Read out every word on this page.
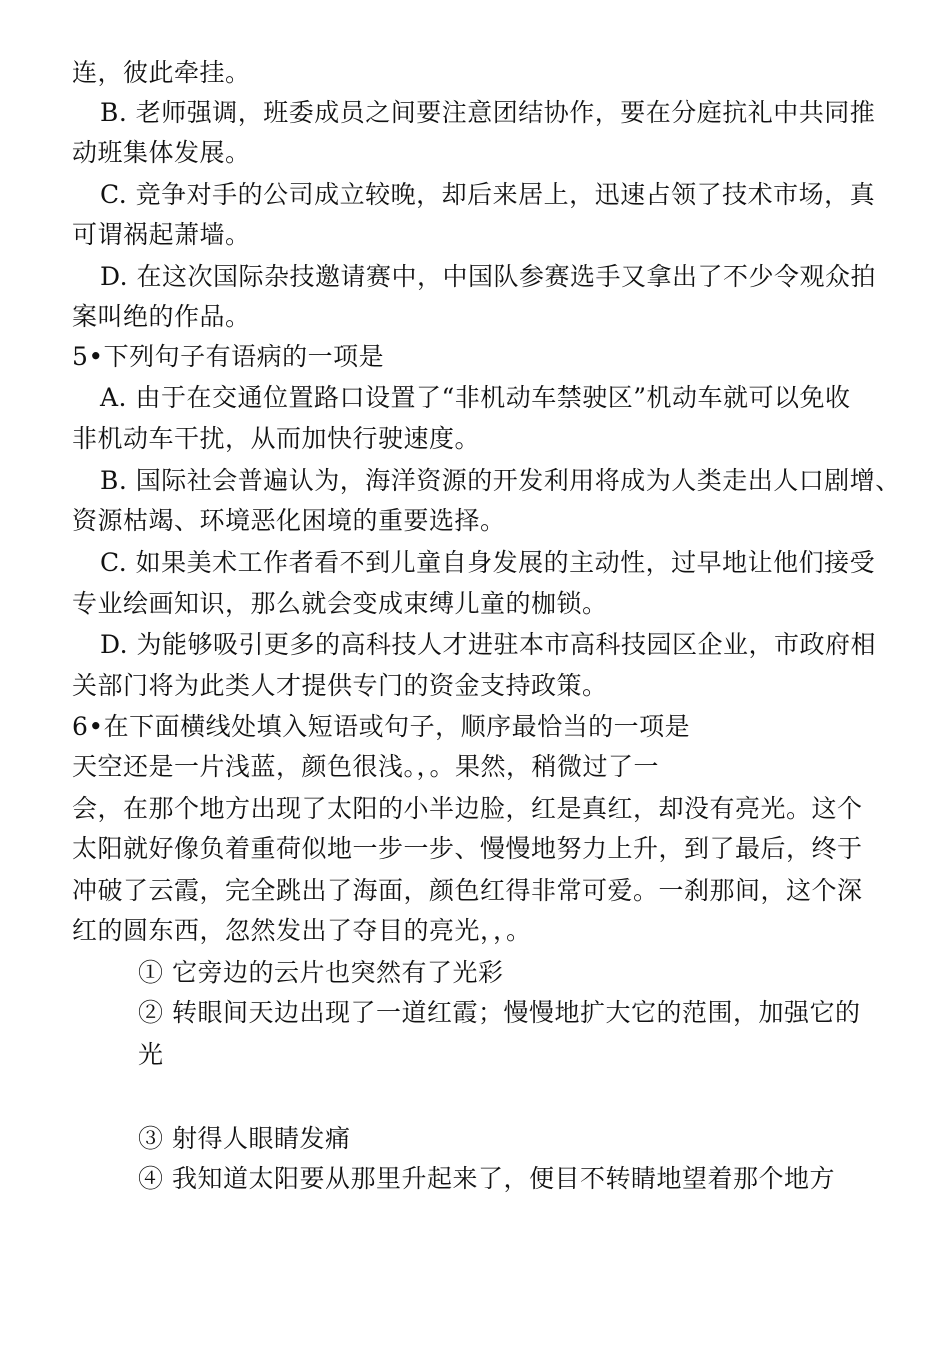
连，彼此牵挂。
B. 老师强调，班委成员之间要注意团结协作，要在分庭抗礼中共同推
动班集体发展。
C. 竞争对手的公司成立较晚，却后来居上，迅速占领了技术市场，真
可谓祸起萧墙。
D. 在这次国际杂技邀请赛中，中国队参赛选手又拿出了不少令观众拍
案叫绝的作品。
5•下列句子有语病的一项是
A. 由于在交通位置路口设置了“非机动车禁驶区”机动车就可以免收
非机动车干扰，从而加快行驶速度。
B. 国际社会普遍认为，海洋资源的开发利用将成为人类走出人口剧增、
资源枯竭、环境恶化困境的重要选择。
C. 如果美术工作者看不到儿童自身发展的主动性，过早地让他们接受
专业绘画知识，那么就会变成束缚儿童的枷锁。
D. 为能够吸引更多的高科技人才进驻本市高科技园区企业，市政府相
关部门将为此类人才提供专门的资金支持政策。
6•在下面横线处填入短语或句子，顺序最恰当的一项是
天空还是一片浅蓝，颜色很浅。，。果然，稍微过了一
会，在那个地方出现了太阳的小半边脸，红是真红，却没有亮光。这个
太阳就好像负着重荷似地一步一步、慢慢地努力上升，到了最后，终于
冲破了云霞，完全跳出了海面，颜色红得非常可爱。一刹那间，这个深
红的圆东西，忽然发出了夺目的亮光，，。
① 它旁边的云片也突然有了光彩
② 转眼间天边出现了一道红霞；慢慢地扩大它的范围，加强它的
光
③ 射得人眼睛发痛
④ 我知道太阳要从那里升起来了，便目不转睛地望着那个地方
